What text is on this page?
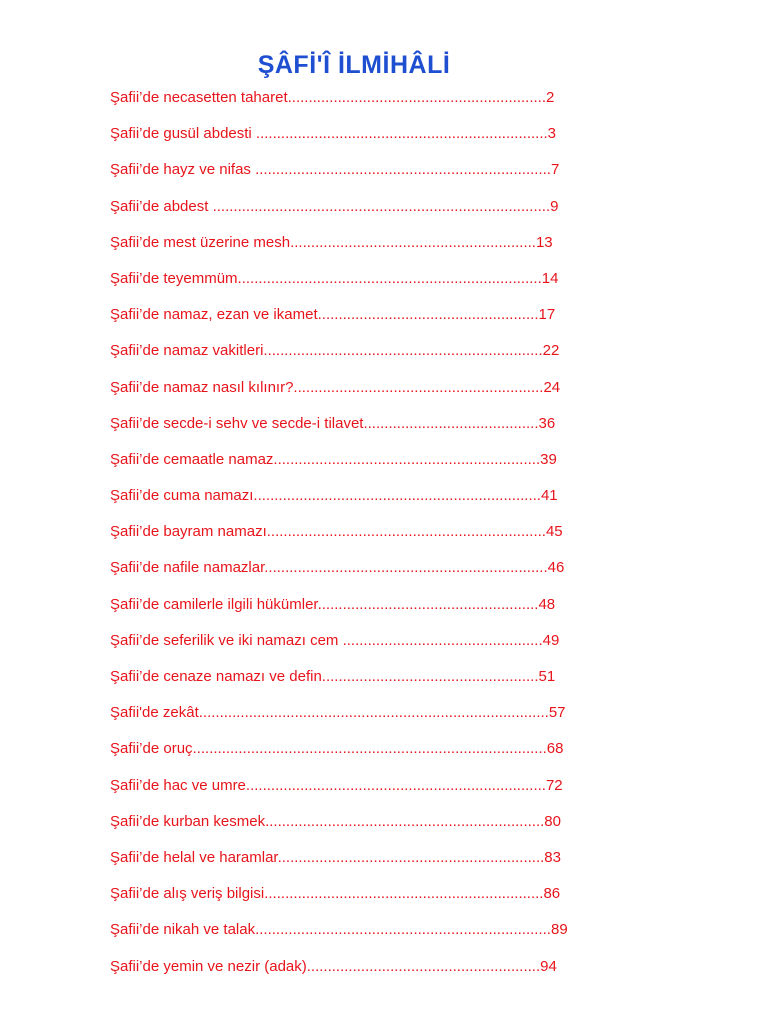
ŞÂFİ'Î İLMİHÂLİ
Şafii’de necasetten taharet..............................................................2
Şafii’de gusül abdesti ......................................................................3
Şafii’de hayz ve nifas .......................................................................7
Şafii’de abdest .................................................................................9
Şafii’de mest üzerine mesh...........................................................13
Şafii’de teyemmüm.........................................................................14
Şafii’de namaz, ezan ve ikamet.....................................................17
Şafii’de namaz vakitleri...................................................................22
Şafii’de namaz nasıl kılınır?............................................................24
Şafii’de secde-i sehv ve secde-i tilavet..........................................36
Şafii’de cemaatle namaz................................................................39
Şafii’de cuma namazı.....................................................................41
Şafii’de bayram namazı...................................................................45
Şafii’de nafile namazlar....................................................................46
Şafii’de camilerle ilgili hükümler.....................................................48
Şafii’de seferilik ve iki namazı cem ................................................49
Şafii’de cenaze namazı ve defin....................................................51
Şafii'de zekât....................................................................................57
Şafii’de oruç.....................................................................................68
Şafii’de hac ve umre........................................................................72
Şafii’de kurban kesmek...................................................................80
Şafii’de helal ve haramlar................................................................83
Şafii’de alış veriş bilgisi...................................................................86
Şafii’de nikah ve talak.......................................................................89
Şafii’de yemin ve nezir (adak)........................................................94
